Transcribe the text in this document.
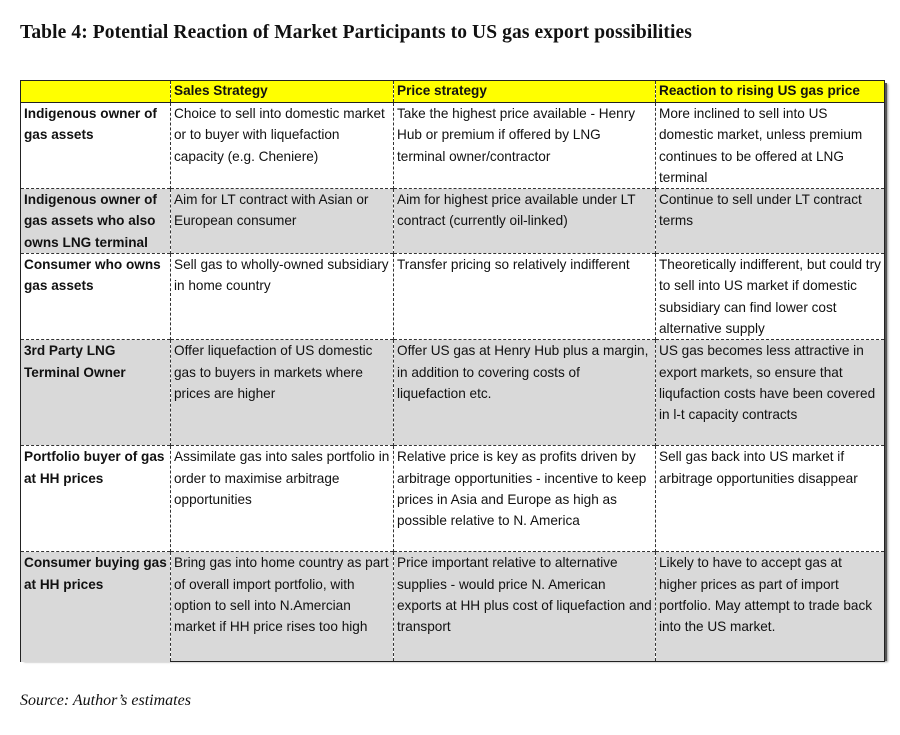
Table 4: Potential Reaction of Market Participants to US gas export possibilities
	Sales Strategy	Price strategy	Reaction to rising US gas price
Indigenous owner of gas assets	Choice to sell into domestic market or to buyer with liquefaction capacity (e.g. Cheniere)	Take the highest price available - Henry Hub or premium if offered by LNG terminal owner/contractor	More inclined to sell into US domestic market, unless premium continues to be offered at LNG terminal
Indigenous owner of gas assets who also owns LNG terminal	Aim for LT contract with Asian or European consumer	Aim for highest price available under LT contract (currently oil-linked)	Continue to sell under LT contract terms
Consumer who owns gas assets	Sell gas to wholly-owned subsidiary in home country	Transfer pricing so relatively indifferent	Theoretically indifferent, but could try to sell into US market if domestic subsidiary can find lower cost alternative supply
3rd Party LNG Terminal Owner	Offer liquefaction of US domestic gas to buyers in markets where prices are higher	Offer US gas at Henry Hub plus a margin, in addition to covering costs of liquefaction etc.	US gas becomes less attractive in export markets, so ensure that liqufaction costs have been covered in l-t capacity contracts
Portfolio buyer of gas at HH prices	Assimilate gas into sales portfolio in order to maximise arbitrage opportunities	Relative price is key as profits driven by arbitrage opportunities - incentive to keep prices in Asia and Europe as high as possible relative to N. America	Sell gas back into US market if arbitrage opportunities disappear
Consumer buying gas at HH prices	Bring gas into home country as part of overall import portfolio, with option to sell into N.Amercian market if HH price rises too high	Price important relative to alternative supplies - would price N. American exports at HH plus cost of liquefaction and transport	Likely to have to accept gas at higher prices as part of import portfolio. May attempt to trade back into the US market.
Source: Author’s estimates
